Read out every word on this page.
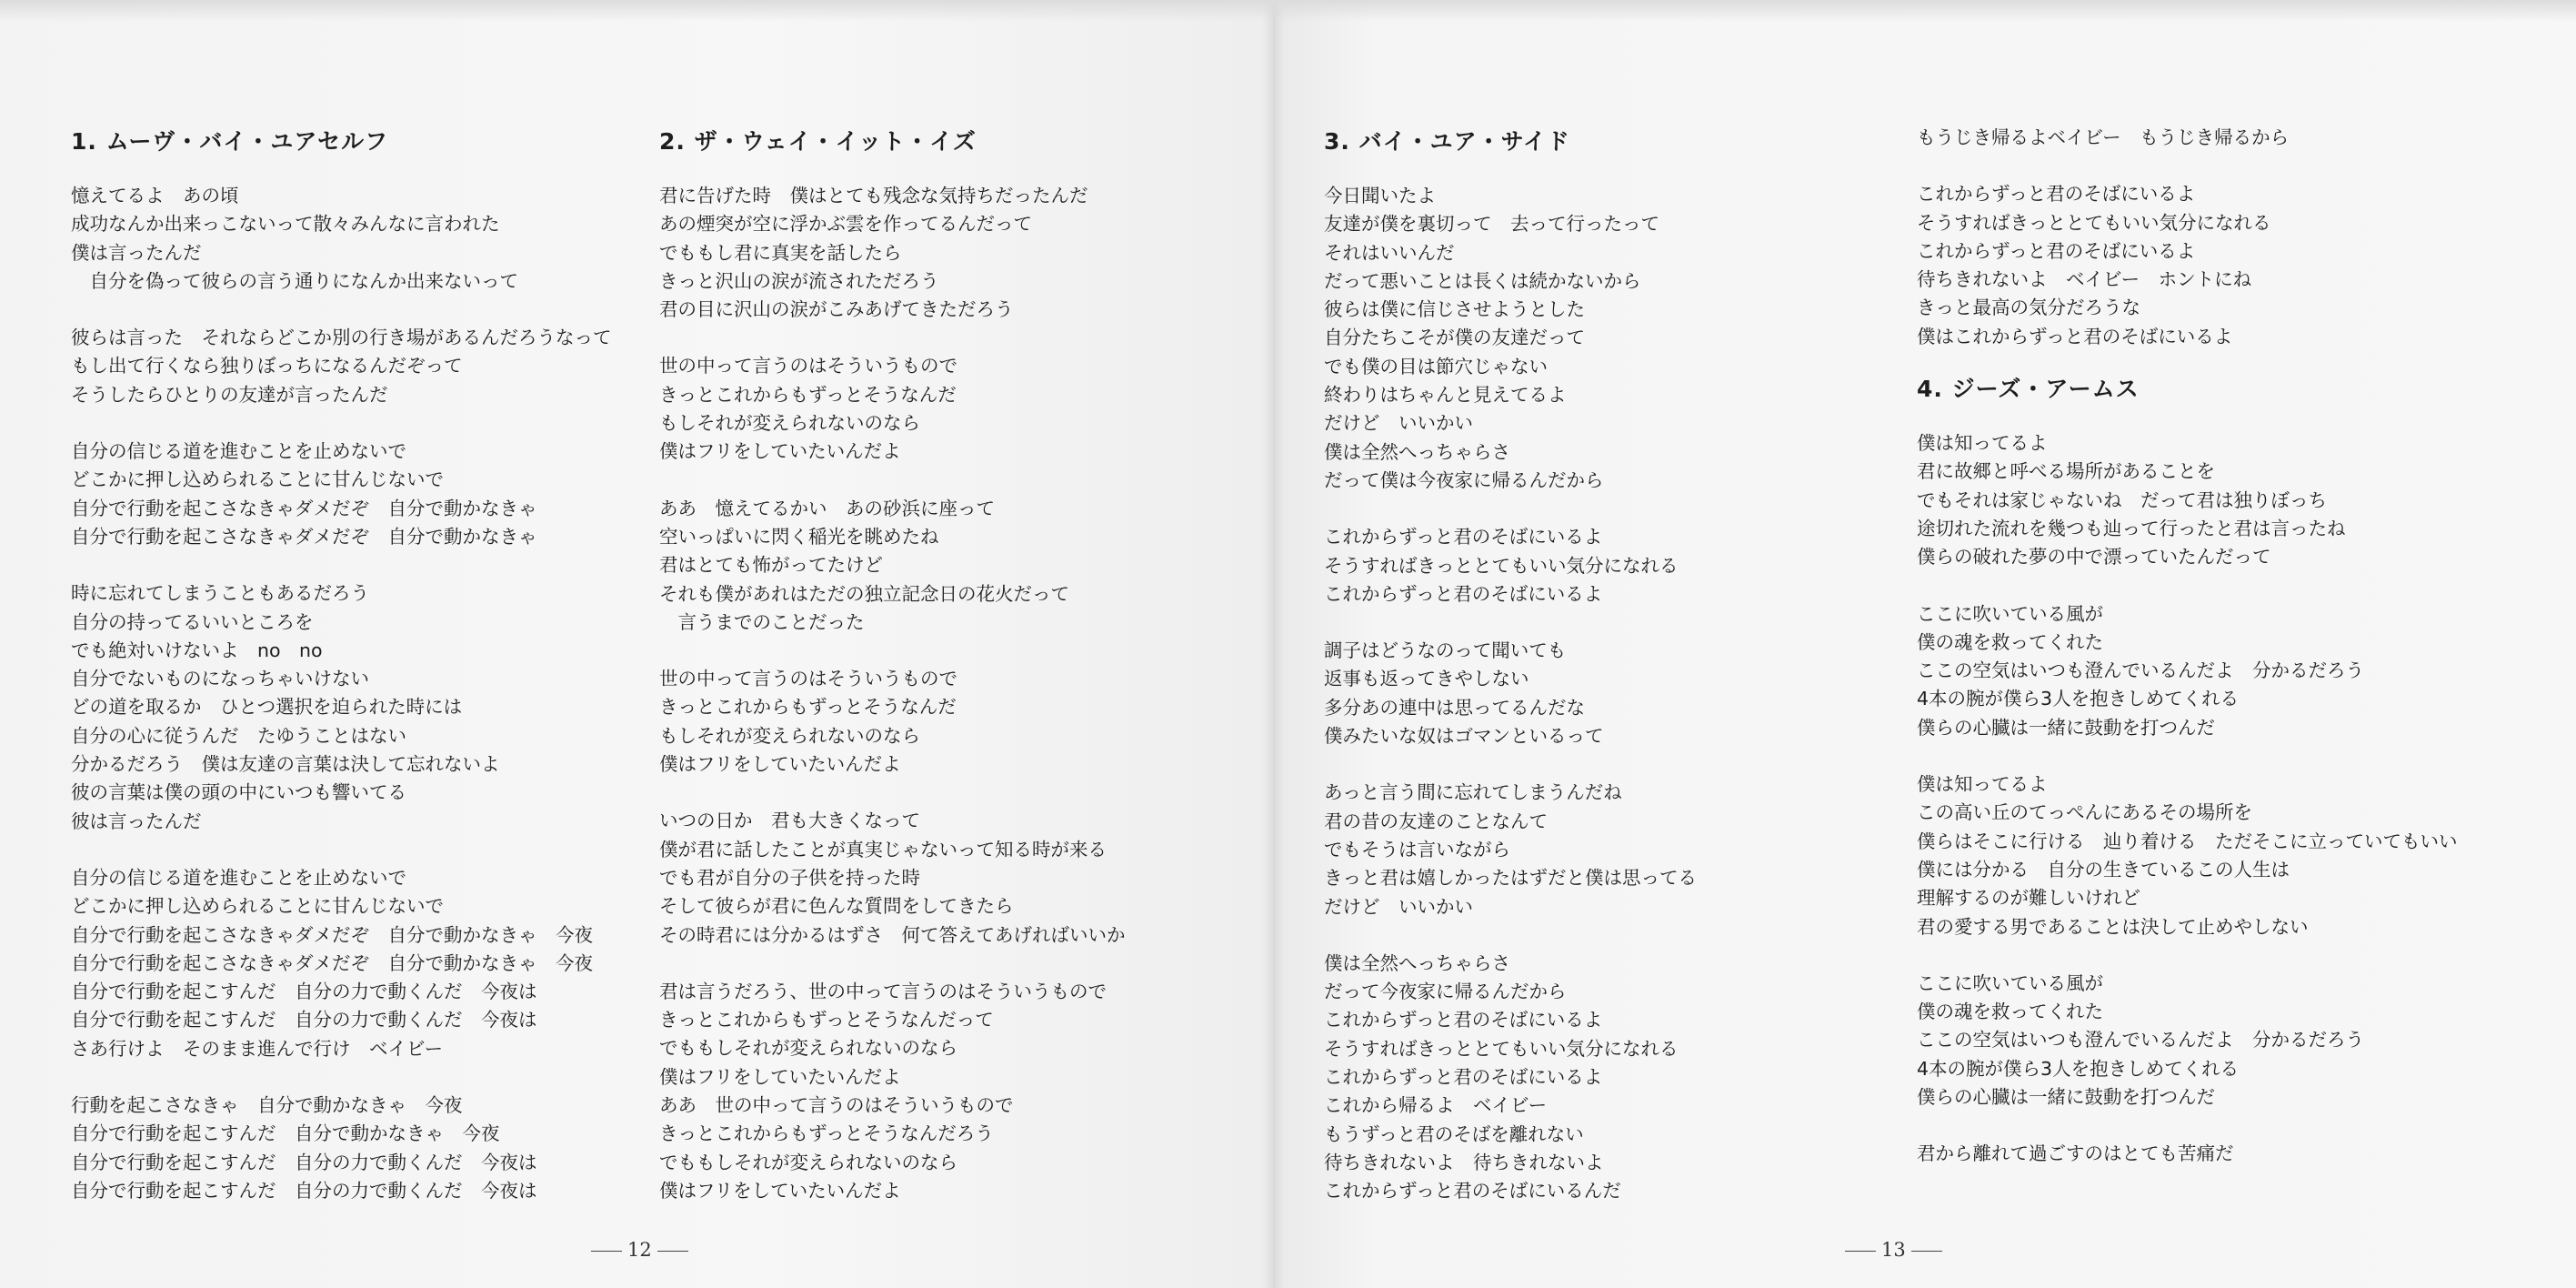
1. ムーヴ・バイ・ユアセルフ
憶えてるよ　あの頃
成功なんか出来っこないって散々みんなに言われた
僕は言ったんだ
　自分を偽って彼らの言う通りになんか出来ないって
彼らは言った　それならどこか別の行き場があるんだろうなって
もし出て行くなら独りぼっちになるんだぞって
そうしたらひとりの友達が言ったんだ
自分の信じる道を進むことを止めないで
どこかに押し込められることに甘んじないで
自分で行動を起こさなきゃダメだぞ　自分で動かなきゃ
自分で行動を起こさなきゃダメだぞ　自分で動かなきゃ
時に忘れてしまうこともあるだろう
自分の持ってるいいところを
でも絶対いけないよ　no　no
自分でないものになっちゃいけない
どの道を取るか　ひとつ選択を迫られた時には
自分の心に従うんだ　たゆうことはない
分かるだろう　僕は友達の言葉は決して忘れないよ
彼の言葉は僕の頭の中にいつも響いてる
彼は言ったんだ
自分の信じる道を進むことを止めないで
どこかに押し込められることに甘んじないで
自分で行動を起こさなきゃダメだぞ　自分で動かなきゃ　今夜
自分で行動を起こさなきゃダメだぞ　自分で動かなきゃ　今夜
自分で行動を起こすんだ　自分の力で動くんだ　今夜は
自分で行動を起こすんだ　自分の力で動くんだ　今夜は
さあ行けよ　そのまま進んで行け　ベイビー
行動を起こさなきゃ　自分で動かなきゃ　今夜
自分で行動を起こすんだ　自分で動かなきゃ　今夜
自分で行動を起こすんだ　自分の力で動くんだ　今夜は
自分で行動を起こすんだ　自分の力で動くんだ　今夜は
2. ザ・ウェイ・イット・イズ
君に告げた時　僕はとても残念な気持ちだったんだ
あの煙突が空に浮かぶ雲を作ってるんだって
でももし君に真実を話したら
きっと沢山の涙が流されただろう
君の目に沢山の涙がこみあげてきただろう
世の中って言うのはそういうもので
きっとこれからもずっとそうなんだ
もしそれが変えられないのなら
僕はフリをしていたいんだよ
ああ　憶えてるかい　あの砂浜に座って
空いっぱいに閃く稲光を眺めたね
君はとても怖がってたけど
それも僕があれはただの独立記念日の花火だって
　言うまでのことだった
世の中って言うのはそういうもので
きっとこれからもずっとそうなんだ
もしそれが変えられないのなら
僕はフリをしていたいんだよ
いつの日か　君も大きくなって
僕が君に話したことが真実じゃないって知る時が来る
でも君が自分の子供を持った時
そして彼らが君に色んな質問をしてきたら
その時君には分かるはずさ　何て答えてあげればいいか
君は言うだろう、世の中って言うのはそういうもので
きっとこれからもずっとそうなんだって
でももしそれが変えられないのなら
僕はフリをしていたいんだよ
ああ　世の中って言うのはそういうもので
きっとこれからもずっとそうなんだろう
でももしそれが変えられないのなら
僕はフリをしていたいんだよ
3. バイ・ユア・サイド
今日聞いたよ
友達が僕を裏切って　去って行ったって
それはいいんだ
だって悪いことは長くは続かないから
彼らは僕に信じさせようとした
自分たちこそが僕の友達だって
でも僕の目は節穴じゃない
終わりはちゃんと見えてるよ
だけど　いいかい
僕は全然へっちゃらさ
だって僕は今夜家に帰るんだから
これからずっと君のそばにいるよ
そうすればきっととてもいい気分になれる
これからずっと君のそばにいるよ
調子はどうなのって聞いても
返事も返ってきやしない
多分あの連中は思ってるんだな
僕みたいな奴はゴマンといるって
あっと言う間に忘れてしまうんだね
君の昔の友達のことなんて
でもそうは言いながら
きっと君は嬉しかったはずだと僕は思ってる
だけど　いいかい
僕は全然へっちゃらさ
だって今夜家に帰るんだから
これからずっと君のそばにいるよ
そうすればきっととてもいい気分になれる
これからずっと君のそばにいるよ
これから帰るよ　ベイビー
もうずっと君のそばを離れない
待ちきれないよ　待ちきれないよ
これからずっと君のそばにいるんだ
もうじき帰るよベイビー　もうじき帰るから
これからずっと君のそばにいるよ
そうすればきっととてもいい気分になれる
これからずっと君のそばにいるよ
待ちきれないよ　ベイビー　ホントにね
きっと最高の気分だろうな
僕はこれからずっと君のそばにいるよ
4. ジーズ・アームス
僕は知ってるよ
君に故郷と呼べる場所があることを
でもそれは家じゃないね　だって君は独りぼっち
途切れた流れを幾つも辿って行ったと君は言ったね
僕らの破れた夢の中で漂っていたんだって
ここに吹いている風が
僕の魂を救ってくれた
ここの空気はいつも澄んでいるんだよ　分かるだろう
4本の腕が僕ら3人を抱きしめてくれる
僕らの心臓は一緒に鼓動を打つんだ
僕は知ってるよ
この高い丘のてっぺんにあるその場所を
僕らはそこに行ける　辿り着ける　ただそこに立っていてもいい
僕には分かる　自分の生きているこの人生は
理解するのが難しいけれど
君の愛する男であることは決して止めやしない
ここに吹いている風が
僕の魂を救ってくれた
ここの空気はいつも澄んでいるんだよ　分かるだろう
4本の腕が僕ら3人を抱きしめてくれる
僕らの心臓は一緒に鼓動を打つんだ
君から離れて過ごすのはとても苦痛だ
12	13
